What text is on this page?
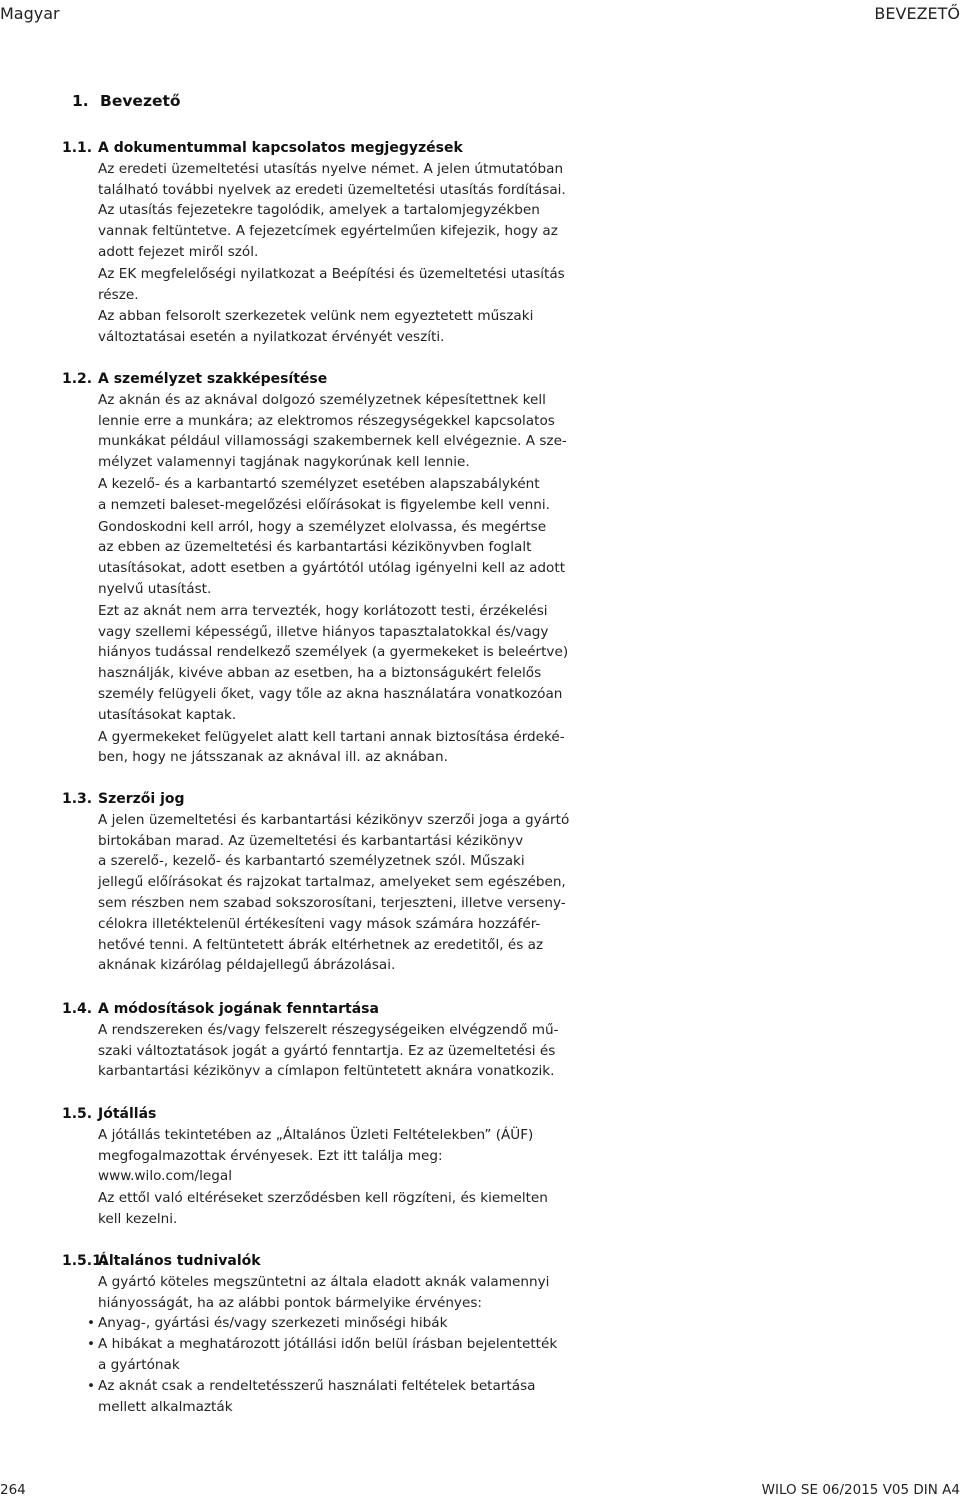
Magyar	BEVEZETŐ
1. Bevezető
1.1. A dokumentummal kapcsolatos megjegyzések
Az eredeti üzemeltetési utasítás nyelve német. A jelen útmutatóban
található további nyelvek az eredeti üzemeltetési utasítás fordításai.
Az utasítás fejezetekre tagolódik, amelyek a tartalomjegyzékben
vannak feltüntetve. A fejezetcímek egyértelműen kifejezik, hogy az
adott fejezet miről szól.
Az EK megfelelőségi nyilatkozat a Beépítési és üzemeltetési utasítás
része.
Az abban felsorolt szerkezetek velünk nem egyeztetett műszaki
változtatásai esetén a nyilatkozat érvényét veszíti.
1.2. A személyzet szakképesítése
Az aknán és az aknával dolgozó személyzetnek képesítettnek kell
lennie erre a munkára; az elektromos részegységekkel kapcsolatos
munkákat például villamossági szakembernek kell elvégeznie. A sze-
mélyzet valamennyi tagjának nagykorúnak kell lennie.
A kezelő- és a karbantartó személyzet esetében alapszabályként
a nemzeti baleset-megelőzési előírásokat is figyelembe kell venni.
Gondoskodni kell arról, hogy a személyzet elolvassa, és megértse
az ebben az üzemeltetési és karbantartási kézikönyvben foglalt
utasításokat, adott esetben a gyártótól utólag igényelni kell az adott
nyelvű utasítást.
Ezt az aknát nem arra tervezték, hogy korlátozott testi, érzékelési
vagy szellemi képességű, illetve hiányos tapasztalatokkal és/vagy
hiányos tudással rendelkező személyek (a gyermekeket is beleértve)
használják, kivéve abban az esetben, ha a biztonságukért felelős
személy felügyeli őket, vagy tőle az akna használatára vonatkozóan
utasításokat kaptak.
A gyermekeket felügyelet alatt kell tartani annak biztosítása érdeké-
ben, hogy ne játsszanak az aknával ill. az aknában.
1.3. Szerzői jog
A jelen üzemeltetési és karbantartási kézikönyv szerzői joga a gyártó
birtokában marad. Az üzemeltetési és karbantartási kézikönyv
a szerelő-, kezelő- és karbantartó személyzetnek szól. Műszaki
jellegű előírásokat és rajzokat tartalmaz, amelyeket sem egészében,
sem részben nem szabad sokszorosítani, terjeszteni, illetve verseny-
célokra illetéktelenül értékesíteni vagy mások számára hozzáfér-
hetővé tenni. A feltüntetett ábrák eltérhetnek az eredetitől, és az
aknának kizárólag példajellegű ábrázolásai.
1.4. A módosítások jogának fenntartása
A rendszereken és/vagy felszerelt részegységeiken elvégzendő mű-
szaki változtatások jogát a gyártó fenntartja. Ez az üzemeltetési és
karbantartási kézikönyv a címlapon feltüntetett aknára vonatkozik.
1.5. Jótállás
A jótállás tekintetében az „Általános Üzleti Feltételekben” (ÁÜF)
megfogalmazottak érvényesek. Ezt itt találja meg:
www.wilo.com/legal
Az ettől való eltéréseket szerződésben kell rögzíteni, és kiemelten
kell kezelni.
1.5.1.
Általános tudnivalók
A gyártó köteles megszüntetni az általa eladott aknák valamennyi
hiányosságát, ha az alábbi pontok bármelyike érvényes:
• Anyag-, gyártási és/vagy szerkezeti minőségi hibák
• A hibákat a meghatározott jótállási időn belül írásban bejelentették
a gyártónak
• Az aknát csak a rendeltetésszerű használati feltételek betartása
mellett alkalmazták
264	WILO SE 06/2015 V05 DIN A4
